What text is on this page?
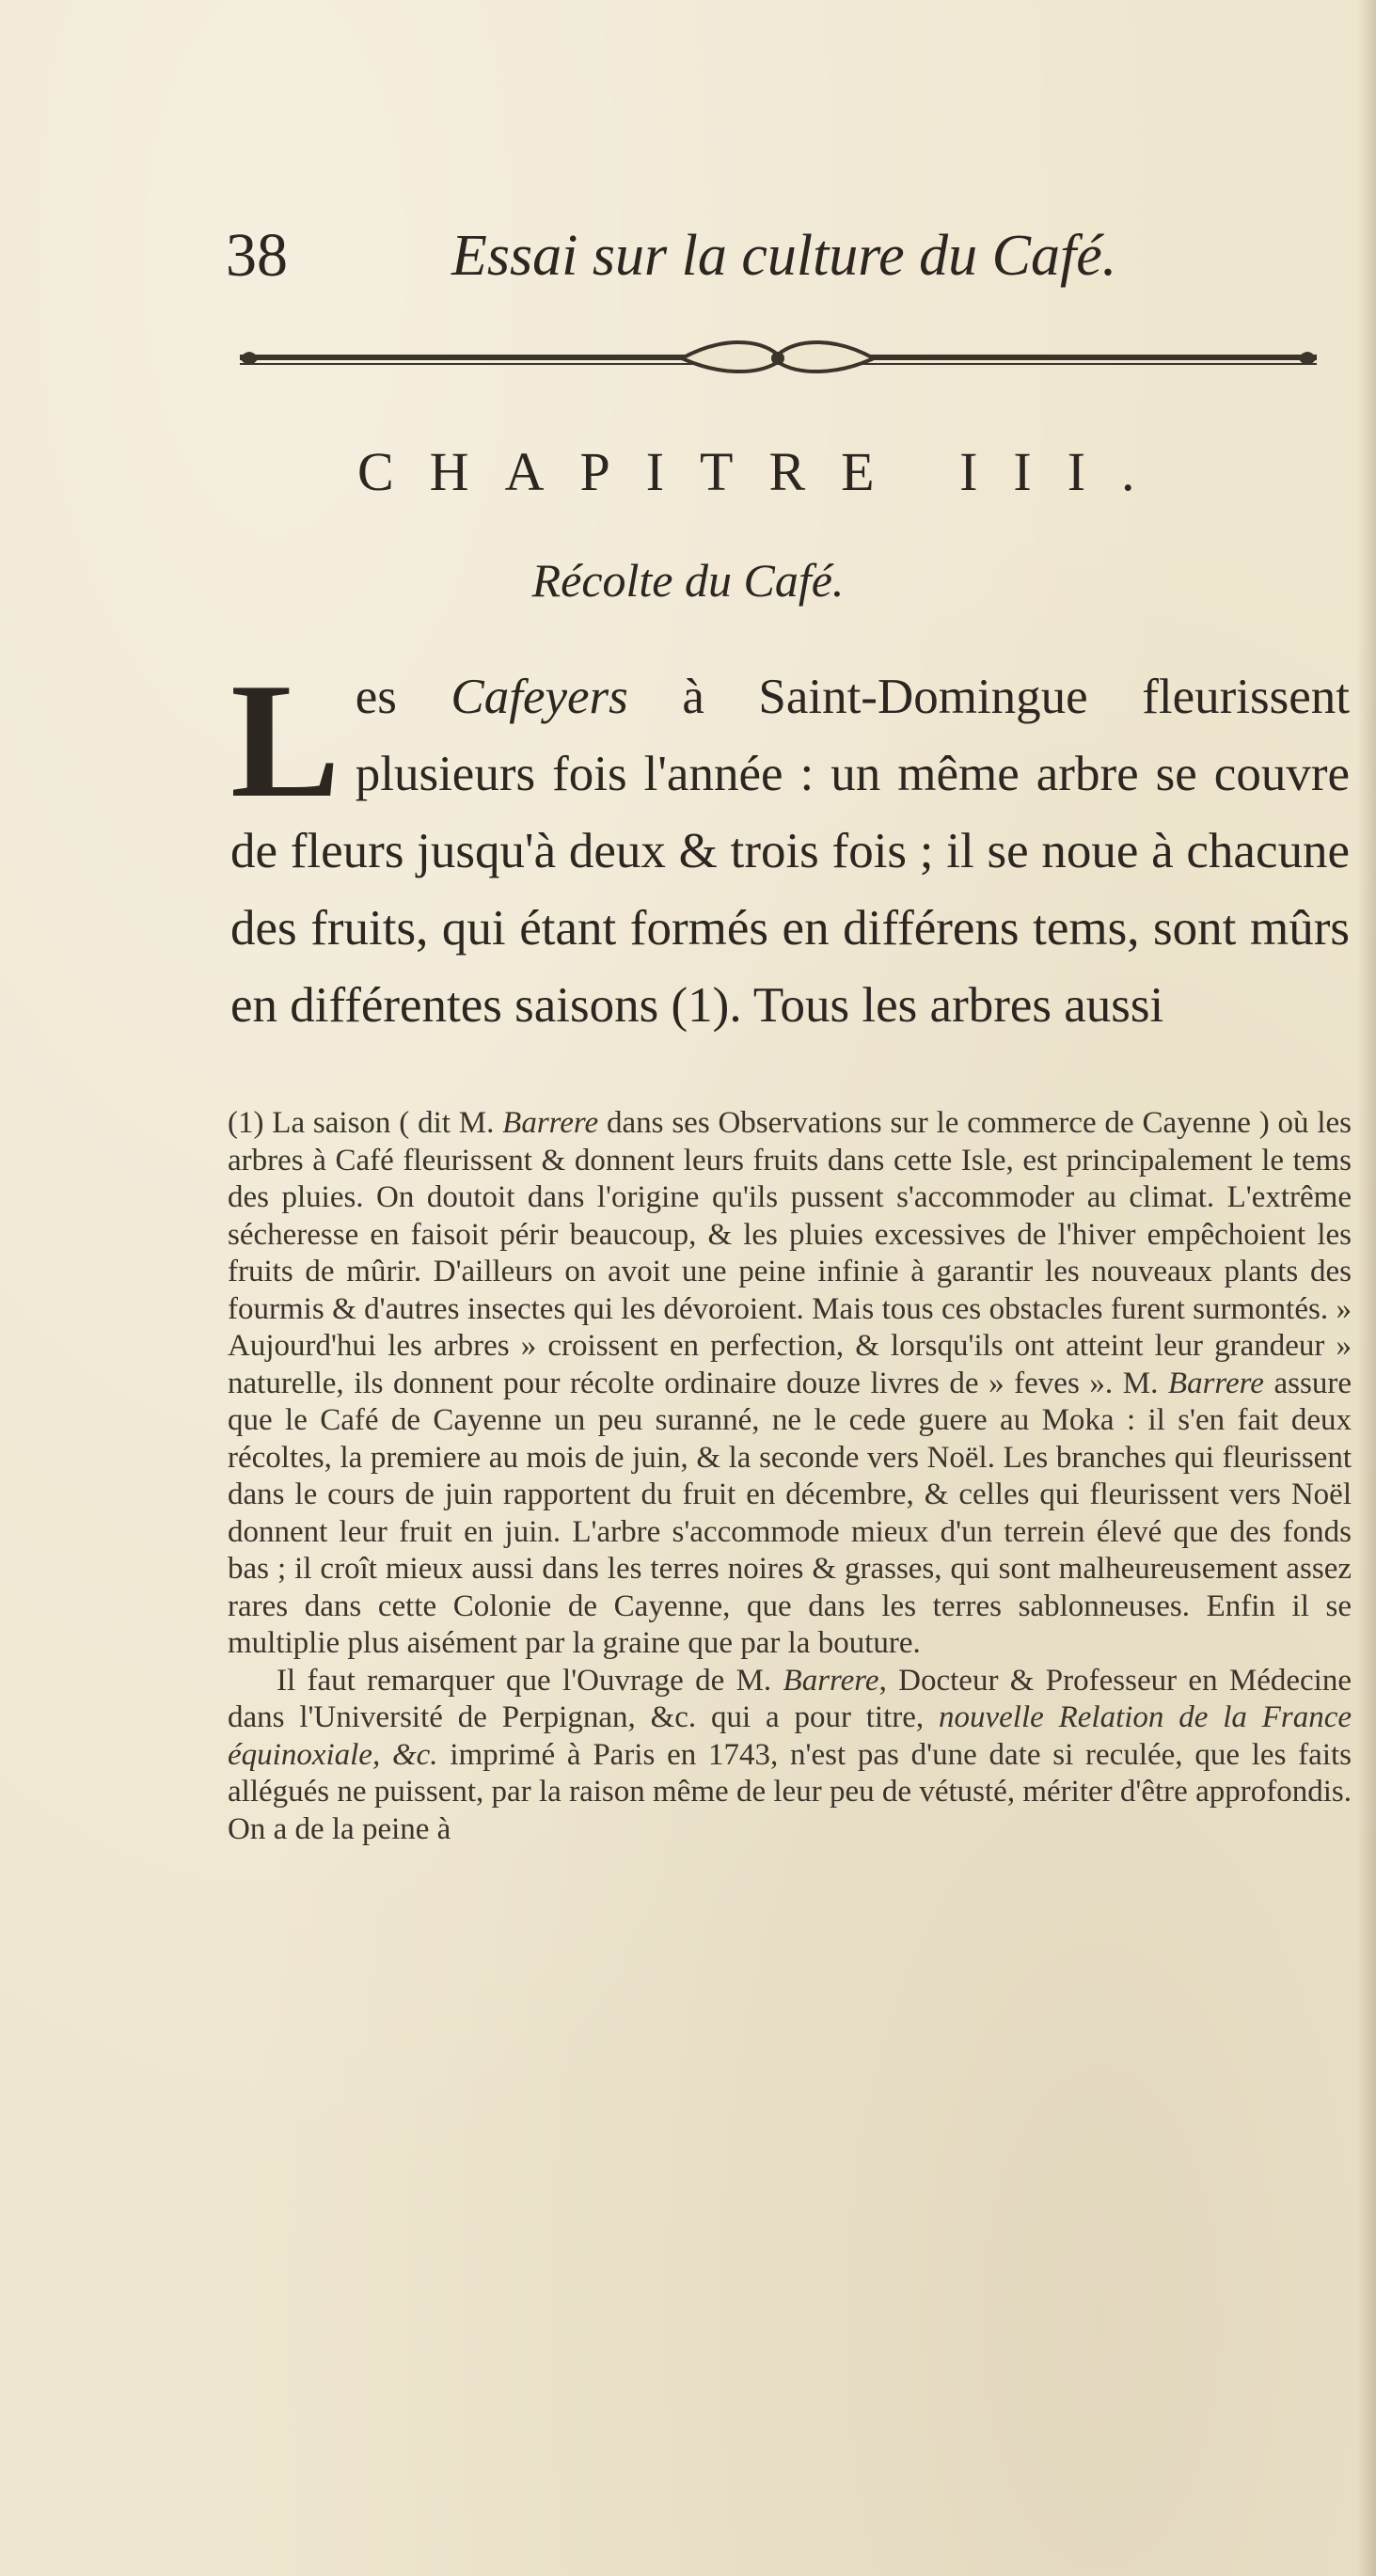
38	Essai sur la culture du Café.
CHAPITRE III.
Récolte du Café.
Les Cafeyers à Saint-Domingue fleurissent plusieurs fois l'année : un même arbre se couvre de fleurs jusqu'à deux & trois fois ; il se noue à chacune des fruits, qui étant formés en différens tems, sont mûrs en différentes saisons (1). Tous les arbres aussi

(1) La saison ( dit M. Barrere dans ses Observations sur le commerce de Cayenne ) où les arbres à Café fleurissent & donnent leurs fruits dans cette Isle, est principalement le tems des pluies. On doutoit dans l'origine qu'ils pussent s'accommoder au climat. L'extrême sécheresse en faisoit périr beaucoup, & les pluies excessives de l'hiver empêchoient les fruits de mûrir. D'ailleurs on avoit une peine infinie à garantir les nouveaux plants des fourmis & d'autres insectes qui les dévoroient. Mais tous ces obstacles furent surmontés. » Aujourd'hui les arbres » croissent en perfection, & lorsqu'ils ont atteint leur grandeur » naturelle, ils donnent pour récolte ordinaire douze livres de » feves ». M. Barrere assure que le Café de Cayenne un peu suranné, ne le cede guere au Moka : il s'en fait deux récoltes, la premiere au mois de juin, & la seconde vers Noël. Les branches qui fleurissent dans le cours de juin rapportent du fruit en décembre, & celles qui fleurissent vers Noël donnent leur fruit en juin. L'arbre s'accommode mieux d'un terrein élevé que des fonds bas ; il croît mieux aussi dans les terres noires & grasses, qui sont malheureusement assez rares dans cette Colonie de Cayenne, que dans les terres sablonneuses. Enfin il se multiplie plus aisément par la graine que par la bouture.

Il faut remarquer que l'Ouvrage de M. Barrere, Docteur & Professeur en Médecine dans l'Université de Perpignan, &c. qui a pour titre, nouvelle Relation de la France équinoxiale, &c. imprimé à Paris en 1743, n'est pas d'une date si reculée, que les faits allégués ne puissent, par la raison même de leur peu de vétusté, mériter d'être approfondis. On a de la peine à
